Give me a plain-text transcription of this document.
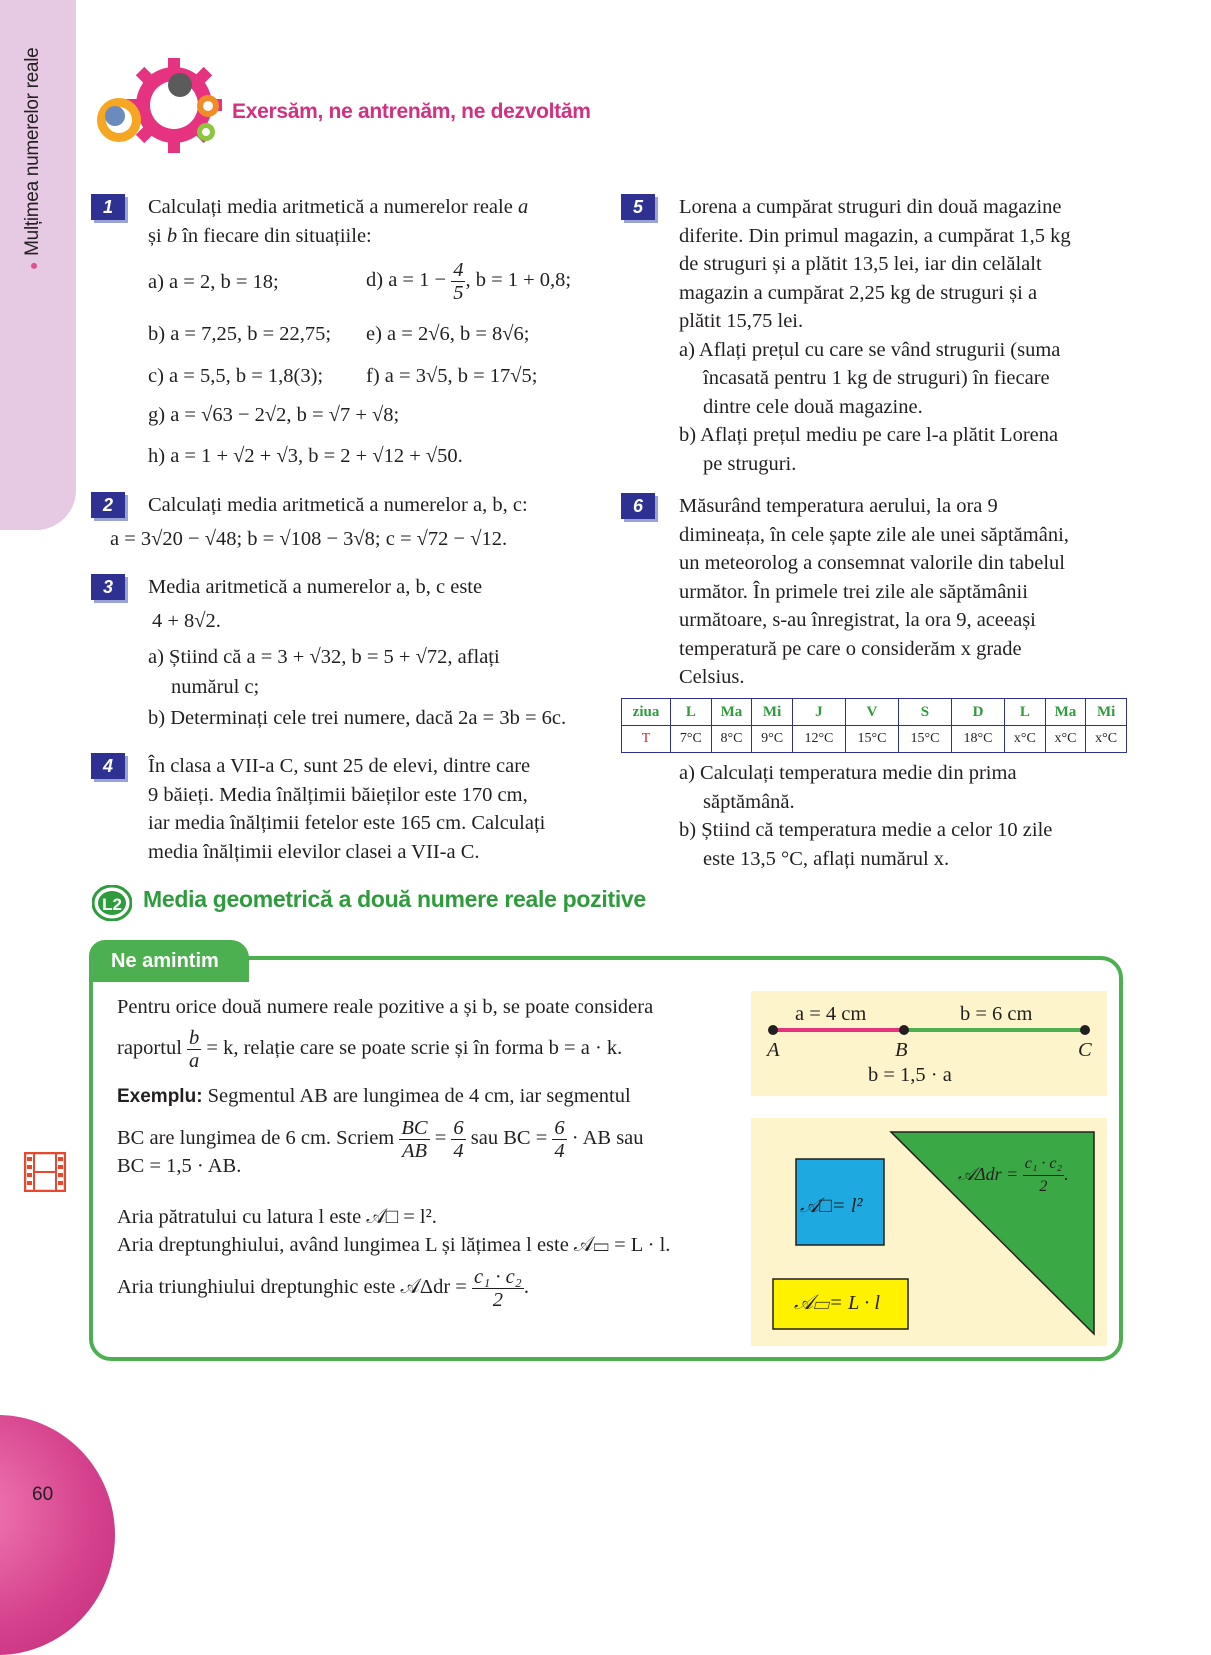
●Mulțimea numerelor reale
60
Exersăm, ne antrenăm, ne dezvoltăm
1	Calculați media aritmetică a numerelor reale a
și b în fiecare din situațiile:
a) a = 2, b = 18;
b) a = 7,25, b = 22,75;
c) a = 5,5, b = 1,8(3);
d) $a = 1 - \frac{4}{5}$ , b = 1 + 0,8;
e) a = 2√6, b = 8√6;
f) a = 3√5, b = 17√5;
g) a = √63 − 2√2, b = √7 + √8;
h) a = 1 + √2 + √3, b = 2 + √12 + √50.
2	Calculați media aritmetică a numerelor a, b, c:
a = 3√20 − √48; b = √108 − 3√8; c = √72 − √12.
3	Media aritmetică a numerelor a, b, c este
4 + 8√2.
a) Știind că a = 3 + √32, b = 5 + √72, aflați
numărul c;
b) Determinați cele trei numere, dacă 2a = 3b = 6c.
4	În clasa a VII-a C, sunt 25 de elevi, dintre care
9 băieți. Media înălțimii băieților este 170 cm,
iar media înălțimii fetelor este 165 cm. Calculați
media înălțimii elevilor clasei a VII-a C.
5	Lorena a cumpărat struguri din două magazine
diferite. Din primul magazin, a cumpărat 1,5 kg
de struguri și a plătit 13,5 lei, iar din celălalt
magazin a cumpărat 2,25 kg de struguri și a
plătit 15,75 lei.
a) Aflați prețul cu care se vând strugurii (suma
încasată pentru 1 kg de struguri) în fiecare
dintre cele două magazine.
b) Aflați prețul mediu pe care l-a plătit Lorena
pe struguri.
6	Măsurând temperatura aerului, la ora 9
dimineața, în cele șapte zile ale unei săptămâni,
un meteorolog a consemnat valorile din tabelul
următor. În primele trei zile ale săptămânii
următoare, s-au înregistrat, la ora 9, aceeași
temperatură pe care o considerăm x grade
Celsius.
ziua	L	Ma	Mi	J	V	S	D	L	Ma	Mi
T	7°C	8°C	9°C	12°C	15°C	15°C	18°C	x°C	x°C	x°C
a) Calculați temperatura medie din prima
săptămână.
b) Știind că temperatura medie a celor 10 zile
este 13,5 °C, aflați numărul x.
L2 Media geometrică a două numere reale pozitive
Ne amintim
Pentru orice două numere reale pozitive a și b, se poate considera
raportul $\frac{b}{a} = k$, relație care se poate scrie și în forma b = a · k.
Exemplu: Segmentul AB are lungimea de 4 cm, iar segmentul
BC are lungimea de 6 cm. Scriem $\frac{BC}{AB} = \frac{6}{4}$ sau BC = $\frac{6}{4}$ · AB sau
BC = 1,5 · AB.
Aria pătratului cu latura l este 𝒜□ = l².
Aria dreptunghiului, având lungimea L și lățimea l este 𝒜▭ = L · l.
Aria triunghiului dreptunghic este 𝒜Δdr = $\frac{\text{c₁ · c₂}}{2}$ .
a = 4 cm	b = 6 cm
A	B	C
b = 1,5 · a
𝒜□= l²
𝒜▭= L · l
𝒜Δdr = $\frac{\text{c₁ · c₂}}{2}$ .
